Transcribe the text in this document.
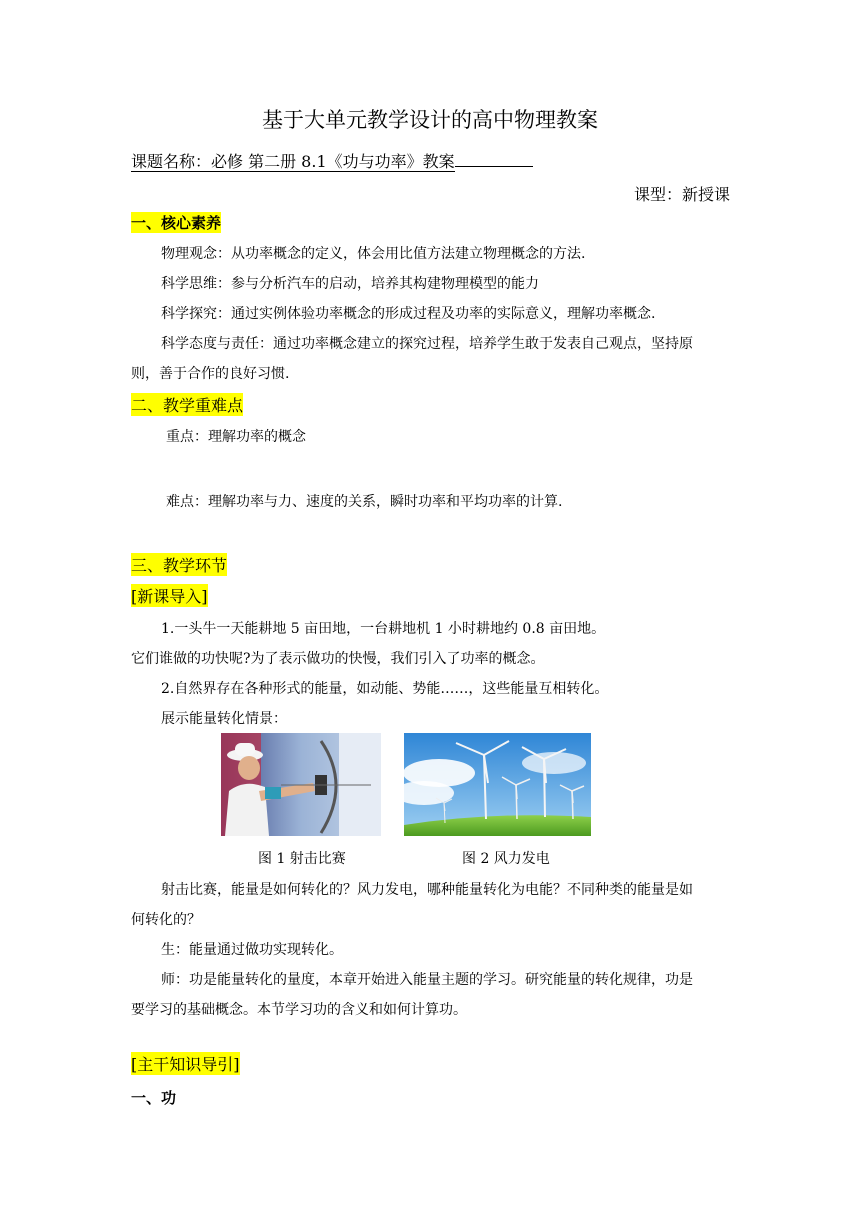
基于大单元教学设计的高中物理教案
课题名称：必修 第二册 8.1《功与功率》教案
课型：新授课
一、核心素养
物理观念：从功率概念的定义，体会用比值方法建立物理概念的方法.
科学思维：参与分析汽车的启动，培养其构建物理模型的能力
科学探究：通过实例体验功率概念的形成过程及功率的实际意义，理解功率概念.
科学态度与责任：通过功率概念建立的探究过程，培养学生敢于发表自己观点，坚持原
则，善于合作的良好习惯.
二、教学重难点
重点：理解功率的概念
难点：理解功率与力、速度的关系，瞬时功率和平均功率的计算.
三、教学环节
[新课导入]
1.一头牛一天能耕地 5 亩田地，一台耕地机 1 小时耕地约 0.8 亩田地。
它们谁做的功快呢?为了表示做功的快慢，我们引入了功率的概念。
2.自然界存在各种形式的能量，如动能、势能……，这些能量互相转化。
展示能量转化情景：
图 1 射击比赛	图 2 风力发电
射击比赛，能量是如何转化的？风力发电，哪种能量转化为电能？不同种类的能量是如
何转化的？
生：能量通过做功实现转化。
师：功是能量转化的量度，本章开始进入能量主题的学习。研究能量的转化规律，功是
要学习的基础概念。本节学习功的含义和如何计算功。
[主干知识导引]
一、功
